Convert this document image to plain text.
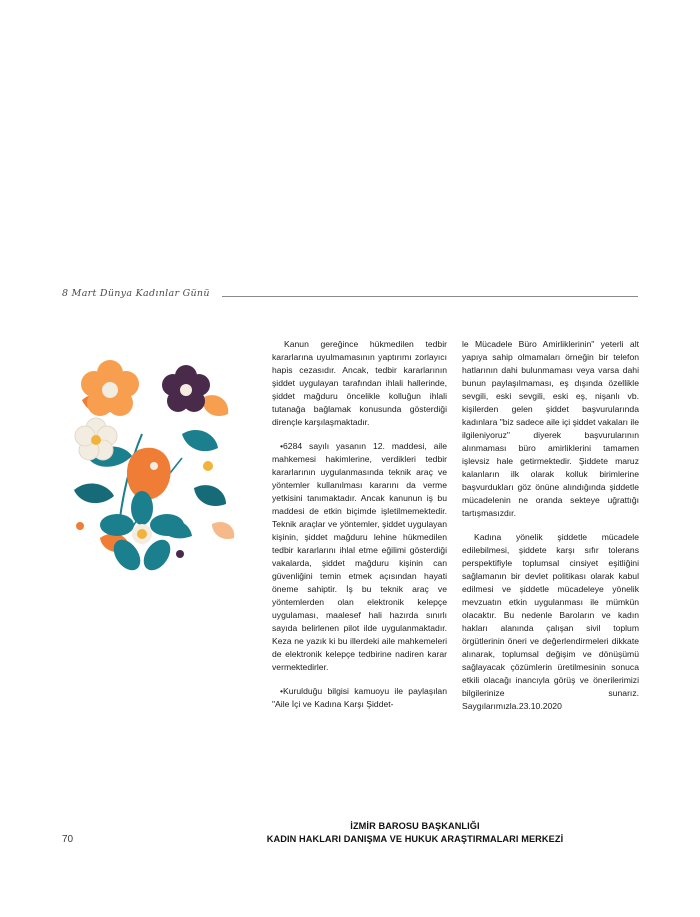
8 Mart Dünya Kadınlar Günü

Kanun gereğince hükmedilen tedbir kararlarına uyulmamasının yaptırımı zorlayıcı hapis cezasıdır. Ancak, tedbir kararlarının şiddet uygulayan tarafından ihlali hallerinde, şiddet mağduru öncelikle kolluğun ihlali tutanağa bağlamak konusunda gösterdiği dirençle karşılaşmaktadır.

•6284 sayılı yasanın 12. maddesi, aile mahkemesi hakimlerine, verdikleri tedbir kararlarının uygulanmasında teknik araç ve yöntemler kullanılması kararını da verme yetkisini tanımaktadır. Ancak kanunun iş bu maddesi de etkin biçimde işletilmemektedir. Teknik araçlar ve yöntemler, şiddet uygulayan kişinin, şiddet mağduru lehine hükmedilen tedbir kararlarını ihlal etme eğilimi gösterdiği vakalarda, şiddet mağduru kişinin can güvenliğini temin etmek açısından hayati öneme sahiptir. İş bu teknik araç ve yöntemlerden olan elektronik kelepçe uygulaması, maalesef hali hazırda sınırlı sayıda belirlenen pilot ilde uygulanmaktadır. Keza ne yazık ki bu illerdeki aile mahkemeleri de elektronik kelepçe tedbirine nadiren karar vermektedirler.

•Kurulduğu bilgisi kamuoyu ile paylaşılan "Aile İçi ve Kadına Karşı Şiddet-

le Mücadele Büro Amirliklerinin" yeterli alt yapıya sahip olmamaları örneğin bir telefon hatlarının dahi bulunmaması veya varsa dahi bunun paylaşılmaması, eş dışında özellikle sevgili, eski sevgili, eski eş, nişanlı vb. kişilerden gelen şiddet başvurularında kadınlara "biz sadece aile içi şiddet vakaları ile ilgileniyoruz" diyerek başvurularının alınmaması büro amirliklerini tamamen işlevsiz hale getirmektedir. Şiddete maruz kalanların ilk olarak kolluk birimlerine başvurdukları göz önüne alındığında şiddetle mücadelenin ne oranda sekteye uğrattığı tartışmasızdır.

Kadına yönelik şiddetle mücadele edilebilmesi, şiddete karşı sıfır tolerans perspektifiyle toplumsal cinsiyet eşitliğini sağlamanın bir devlet politikası olarak kabul edilmesi ve şiddetle mücadeleye yönelik mevzuatın etkin uygulanması ile mümkün olacaktır. Bu nedenle Baroların ve kadın hakları alanında çalışan sivil toplum örgütlerinin öneri ve değerlendirmeleri dikkate alınarak, toplumsal değişim ve dönüşümü sağlayacak çözümlerin üretilmesinin sonuca etkili olacağı inancıyla görüş ve önerilerimizi bilgilerinize sunarız. Saygılarımızla.23.10.2020

İZMİR BAROSU BAŞKANLIĞI
KADIN HAKLARI DANIŞMA VE HUKUK ARAŞTIRMALARI MERKEZİ
70
